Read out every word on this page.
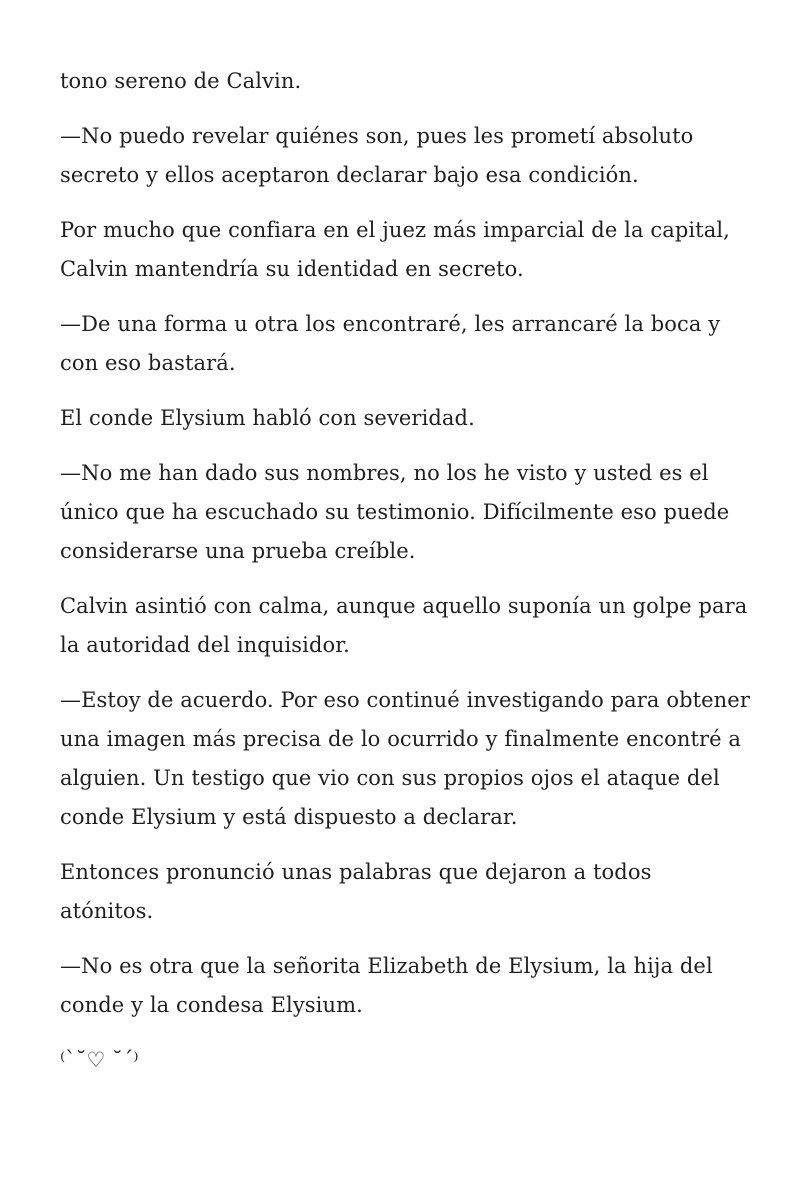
tono sereno de Calvin.

—No puedo revelar quiénes son, pues les prometí absoluto secreto y ellos aceptaron declarar bajo esa condición.

Por mucho que confiara en el juez más imparcial de la capital, Calvin mantendría su identidad en secreto.

—De una forma u otra los encontraré, les arrancaré la boca y con eso bastará.

El conde Elysium habló con severidad.

—No me han dado sus nombres, no los he visto y usted es el único que ha escuchado su testimonio. Difícilmente eso puede considerarse una prueba creíble.

Calvin asintió con calma, aunque aquello suponía un golpe para la autoridad del inquisidor.

—Estoy de acuerdo. Por eso continué investigando para obtener una imagen más precisa de lo ocurrido y finalmente encontré a alguien. Un testigo que vio con sus propios ojos el ataque del conde Elysium y está dispuesto a declarar.

Entonces pronunció unas palabras que dejaron a todos atónitos.

—No es otra que la señorita Elizabeth de Elysium, la hija del conde y la condesa Elysium.

⁽`˘♡ ˘´⁾
